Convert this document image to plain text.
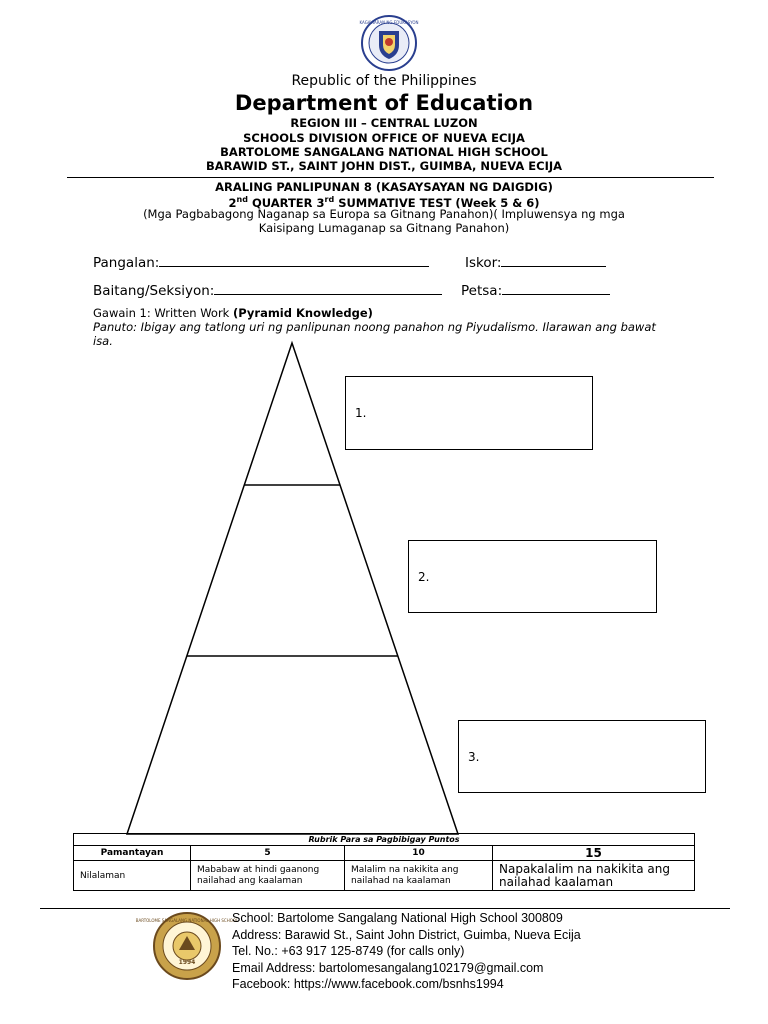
KAGAWARAN NG EDUKASYON
Republic of the Philippines
Department of Education
REGION III – CENTRAL LUZON
SCHOOLS DIVISION OFFICE OF NUEVA ECIJA
BARTOLOME SANGALANG NATIONAL HIGH SCHOOL
BARAWID ST., SAINT JOHN DIST., GUIMBA, NUEVA ECIJA
ARALING PANLIPUNAN 8 (KASAYSAYAN NG DAIGDIG)
2nd QUARTER 3rd SUMMATIVE TEST (Week 5 & 6)
(Mga Pagbabagong Naganap sa Europa sa Gitnang Panahon)( Impluwensya ng mga
Kaisipang Lumaganap sa Gitnang Panahon)
Pangalan:	Iskor:
Baitang/Seksiyon:	Petsa:
Gawain 1: Written Work (Pyramid Knowledge)
Panuto: Ibigay ang tatlong uri ng panlipunan noong panahon ng Piyudalismo. Ilarawan ang bawat isa.
1.
2.
3.
Rubrik Para sa Pagbibigay Puntos			
Pamantayan	5	10	15
Nilalaman	Mababaw at hindi gaanong nailahad ang kaalaman	Malalim na nakikita ang nailahad na kaalaman	Napakalalim na nakikita ang nailahad kaalaman
BARTOLOME SANGALANG NATIONAL HIGH SCHOOL
1994
School: Bartolome Sangalang National High School 300809
Address: Barawid St., Saint John District, Guimba, Nueva Ecija
Tel. No.: +63 917 125-8749 (for calls only)
Email Address: bartolomesangalang102179@gmail.com
Facebook: https://www.facebook.com/bsnhs1994
